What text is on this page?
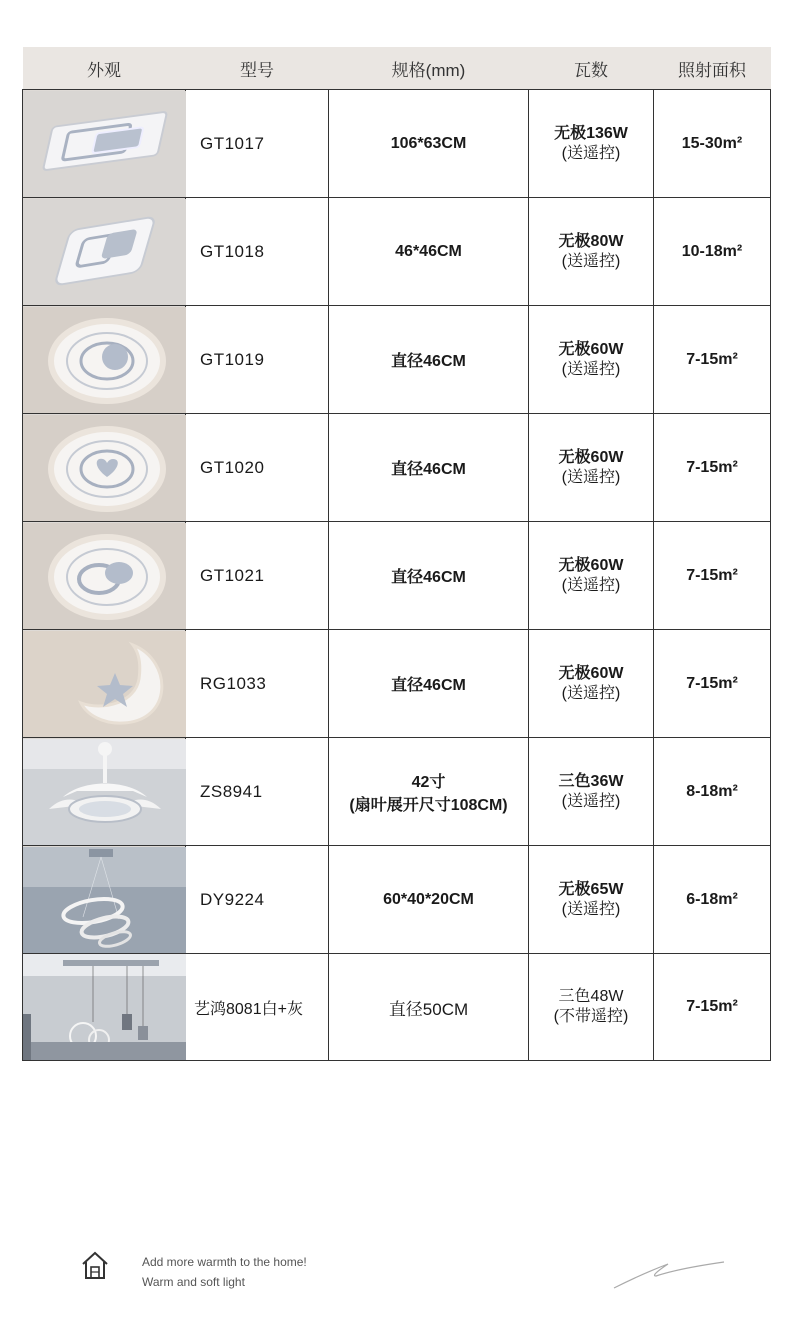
外观	型号	规格(mm)	瓦数	照射面积

	GT1017	106*63CM	无极136W
(送遥控)	15-30m²

	GT1018	46*46CM	无极80W
(送遥控)	10-18m²

	GT1019	直径46CM	无极60W
(送遥控)	7-15m²

	GT1020	直径46CM	无极60W
(送遥控)	7-15m²

	GT1021	直径46CM	无极60W
(送遥控)	7-15m²

	RG1033	直径46CM	无极60W
(送遥控)	7-15m²

	ZS8941	42寸
(扇叶展开尺寸108CM)	三色36W
(送遥控)	8-18m²

	DY9224	60*40*20CM	无极65W
(送遥控)	6-18m²

	艺鸿8081白+灰	直径50CM	三色48W
(不带遥控)	7-15m²
Add more warmth to the home!
Warm and soft light
